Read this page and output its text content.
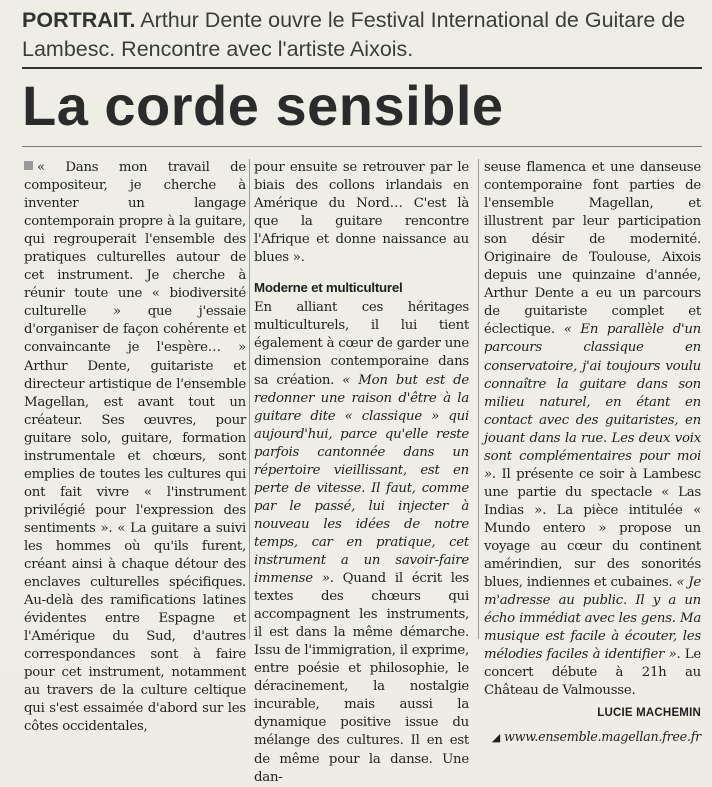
PORTRAIT. Arthur Dente ouvre le Festival International de Guitare de Lambesc. Rencontre avec l'artiste Aixois.
La corde sensible

« Dans mon travail de compositeur, je cherche à inventer un langage contemporain propre à la guitare, qui regrouperait l'ensemble des pratiques culturelles autour de cet instrument. Je cherche à réunir toute une « biodiversité culturelle » que j'essaie d'organiser de façon cohérente et convaincante je l'espère… » Arthur Dente, guitariste et directeur artistique de l'ensemble Magellan, est avant tout un créateur. Ses œuvres, pour guitare solo, guitare, formation instrumentale et chœurs, sont emplies de toutes les cultures qui ont fait vivre « l'instrument privilégié pour l'expression des sentiments ». « La guitare a suivi les hommes où qu'ils furent, créant ainsi à chaque détour des enclaves culturelles spécifiques. Au-delà des ramifications latines évidentes entre Espagne et l'Amérique du Sud, d'autres correspondances sont à faire pour cet instrument, notamment au travers de la culture celtique qui s'est essaimée d'abord sur les côtes occidentales,

pour ensuite se retrouver par le biais des collons irlandais en Amérique du Nord… C'est là que la guitare rencontre l'Afrique et donne naissance au blues ».

Moderne et multiculturel

En alliant ces héritages multiculturels, il lui tient également à cœur de garder une dimension contemporaine dans sa création. « Mon but est de redonner une raison d'être à la guitare dite « classique » qui aujourd'hui, parce qu'elle reste parfois cantonnée dans un répertoire vieillissant, est en perte de vitesse. Il faut, comme par le passé, lui injecter à nouveau les idées de notre temps, car en pratique, cet instrument a un savoir-faire immense ». Quand il écrit les textes des chœurs qui accompagnent les instruments, il est dans la même démarche. Issu de l'immigration, il exprime, entre poésie et philosophie, le déracinement, la nostalgie incurable, mais aussi la dynamique positive issue du mélange des cultures. Il en est de même pour la danse. Une dan-

seuse flamenca et une danseuse contemporaine font parties de l'ensemble Magellan, et illustrent par leur participation son désir de modernité. Originaire de Toulouse, Aixois depuis une quinzaine d'année, Arthur Dente a eu un parcours de guitariste complet et éclectique. « En parallèle d'un parcours classique en conservatoire, j'ai toujours voulu connaître la guitare dans son milieu naturel, en étant en contact avec des guitaristes, en jouant dans la rue. Les deux voix sont complémentaires pour moi ». Il présente ce soir à Lambesc une partie du spectacle « Las Indias ». La pièce intitulée « Mundo entero » propose un voyage au cœur du continent amérindien, sur des sonorités blues, indiennes et cubaines. « Je m'adresse au public. Il y a un écho immédiat avec les gens. Ma musique est facile à écouter, les mélodies faciles à identifier ». Le concert débute à 21h au Château de Valmousse.

LUCIE MACHEMIN
◢ www.ensemble.magellan.free.fr
